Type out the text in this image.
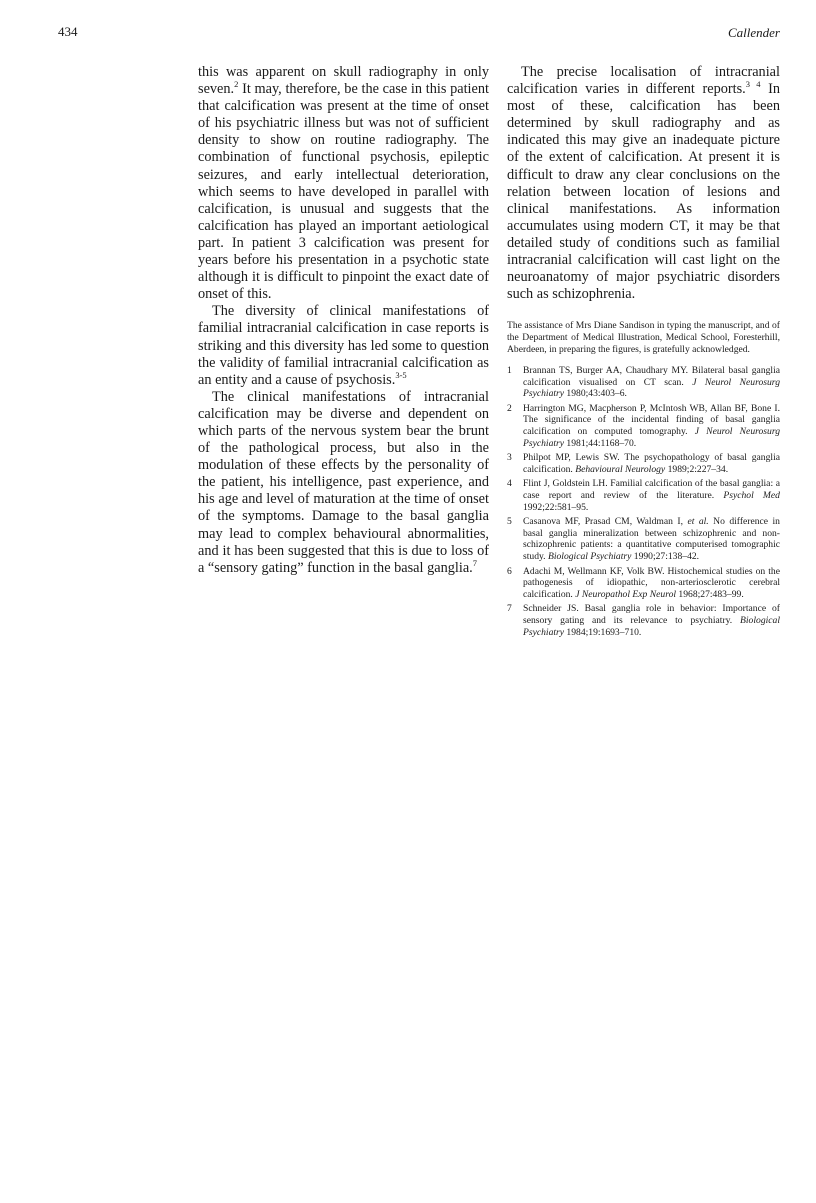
434	Callender

this was apparent on skull radiography in only seven.$^2$ It may, therefore, be the case in this patient that calcification was present at the time of onset of his psychiatric illness but was not of sufficient density to show on routine radiography. The combination of functional psychosis, epileptic seizures, and early intellectual deterioration, which seems to have developed in parallel with calcification, is unusual and suggests that the calcification has played an important aetiological part. In patient 3 calcification was present for years before his presentation in a psychotic state although it is difficult to pinpoint the exact date of onset of this.

The diversity of clinical manifestations of familial intracranial calcification in case reports is striking and this diversity has led some to question the validity of familial intracranial calcification as an entity and a cause of psychosis.$^{3-5}$

The clinical manifestations of intracranial calcification may be diverse and dependent on which parts of the nervous system bear the brunt of the pathological process, but also in the modulation of these effects by the personality of the patient, his intelligence, past experience, and his age and level of maturation at the time of onset of the symptoms. Damage to the basal ganglia may lead to complex behavioural abnormalities, and it has been suggested that this is due to loss of a “sensory gating” function in the basal ganglia.$^7$

The precise localisation of intracranial calcification varies in different reports.$^{3 4}$ In most of these, calcification has been determined by skull radiography and as indicated this may give an inadequate picture of the extent of calcification. At present it is difficult to draw any clear conclusions on the relation between location of lesions and clinical manifestations. As information accumulates using modern CT, it may be that detailed study of conditions such as familial intracranial calcification will cast light on the neuroanatomy of major psychiatric disorders such as schizophrenia.

The assistance of Mrs Diane Sandison in typing the manuscript, and of the Department of Medical Illustration, Medical School, Foresterhill, Aberdeen, in preparing the figures, is gratefully acknowledged.

1 Brannan TS, Burger AA, Chaudhary MY. Bilateral basal ganglia calcification visualised on CT scan. J Neurol Neurosurg Psychiatry 1980;43:403–6.
2 Harrington MG, Macpherson P, McIntosh WB, Allan BF, Bone I. The significance of the incidental finding of basal ganglia calcification on computed tomography. J Neurol Neurosurg Psychiatry 1981;44:1168–70.
3 Philpot MP, Lewis SW. The psychopathology of basal ganglia calcification. Behavioural Neurology 1989;2:227–34.
4 Flint J, Goldstein LH. Familial calcification of the basal ganglia: a case report and review of the literature. Psychol Med 1992;22:581–95.
5 Casanova MF, Prasad CM, Waldman I, et al. No difference in basal ganglia mineralization between schizophrenic and non-schizophrenic patients: a quantitative computerised tomographic study. Biological Psychiatry 1990;27:138–42.
6 Adachi M, Wellmann KF, Volk BW. Histochemical studies on the pathogenesis of idiopathic, non-arteriosclerotic cerebral calcification. J Neuropathol Exp Neurol 1968;27:483–99.
7 Schneider JS. Basal ganglia role in behavior: Importance of sensory gating and its relevance to psychiatry. Biological Psychiatry 1984;19:1693–710.
